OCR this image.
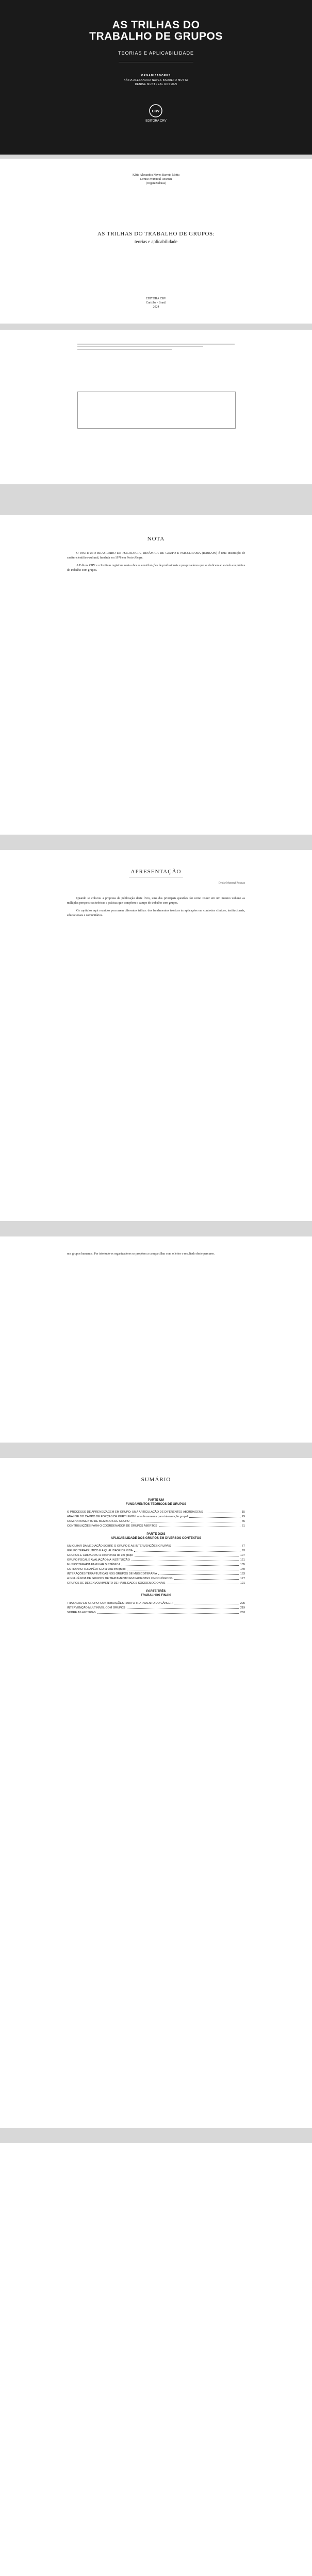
AS TRILHAS DO
TRABALHO DE GRUPOS
TEORIAS E APLICABILIDADE
ORGANIZADORES
KÁTIA ALEXANDRA NAVES BARRETO MOTTA
DENISE MUNTREAL ROSMAN
CRV
EDITORA CRV
Kátia Alexandra Naves Barreto Motta
Denise Muntreal Rosman
(Organizadoras)
AS TRILHAS DO TRABALHO DE GRUPOS:
teorias e aplicabilidade
EDITORA CRV
Curitiba - Brasil
2024
NOTA

O INSTITUTO BRASILEIRO DE PSICOLOGIA, DINÂMICA DE GRUPO E PSICODRAMA (IOBRAPS) é uma instituição de caráter científico-cultural, fundada em 1978 em Porto Alegre.

A Editora CRV e o Instituto registram nesta obra as contribuições de profissionais e pesquisadores que se dedicam ao estudo e à prática do trabalho com grupos.

APRESENTAÇÃO
Denise Muntreal Rosman

Quando se colocou a proposta da publicação deste livro, uma das principais questões foi como reunir em um mesmo volume as múltiplas perspectivas teóricas e práticas que compõem o campo do trabalho com grupos.

Os capítulos aqui reunidos percorrem diferentes trilhas: dos fundamentos teóricos às aplicações em contextos clínicos, institucionais, educacionais e comunitários.

nos grupos humanos. Por isto tudo os organizadores se propõem a compartilhar com o leitor o resultado deste percurso.

SUMÁRIO
PARTE UM
FUNDAMENTOS TEÓRICOS DE GRUPOS
O PROCESSO DE APRENDIZAGEM EM GRUPO: UMA ARTICULAÇÃO DE DIFERENTES ABORDAGENS	15
ANÁLISE DO CAMPO DE FORÇAS DE KURT LEWIN: uma ferramenta para intervenção grupal	29
COMPORTAMENTO DE MEMBROS DE GRUPO	45
CONTRIBUIÇÕES PARA O COORDENADOR DE GRUPOS ABERTOS	61
PARTE DOIS
APLICABILIDADE DOS GRUPOS EM DIVERSOS CONTEXTOS
UM OLHAR DA MEDIAÇÃO SOBRE O GRUPO E AS INTERVENÇÕES GRUPAIS	77
GRUPO TERAPÊUTICO E A QUALIDADE DE VIDA	93
GRUPOS E CUIDADOS: a experiência de um grupo	107
GRUPO FOCAL E AVALIAÇÃO NA INSTITUIÇÃO	121
MUSICOTERAPIA FAMILIAR SISTÊMICA	135
COTIDIANO TERAPÊUTICO: a vida em grupo	149
INTERAÇÕES TERAPÊUTICAS NOS GRUPOS DE MUSICOTERAPIA	163
A INFLUÊNCIA DE GRUPOS DE TRATAMENTO EM PACIENTES ONCOLÓGICOS	177
GRUPOS DE DESENVOLVIMENTO DE HABILIDADES SOCIOEMOCIONAIS	191
PARTE TRÊS
TRABALHOS FINAIS
TRABALHO EM GRUPO: CONTRIBUIÇÕES PARA O TRATAMENTO DO CÂNCER	205
INTERVENÇÃO MULTINÍVEL COM GRUPOS	219
SOBRE AS AUTORAS	233
